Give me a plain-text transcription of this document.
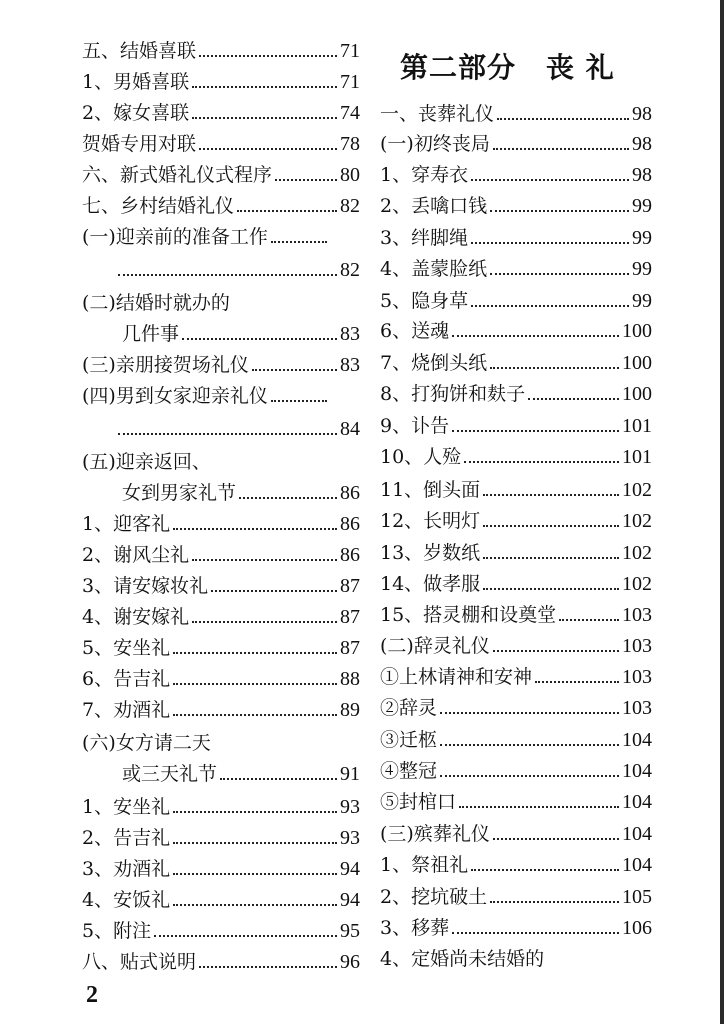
五、结婚喜联	71
1、男婚喜联	71
2、嫁女喜联	74
贺婚专用对联	78
六、新式婚礼仪式程序	80
七、乡村结婚礼仪	82
(一)迎亲前的准备工作
82
(二)结婚时就办的
几件事	83
(三)亲朋接贺场礼仪	83
(四)男到女家迎亲礼仪
84
(五)迎亲返回、
女到男家礼节	86
1、迎客礼	86
2、谢风尘礼	86
3、请安嫁妆礼	87
4、谢安嫁礼	87
5、安坐礼	87
6、告吉礼	88
7、劝酒礼	89
(六)女方请二天
或三天礼节	91
1、安坐礼	93
2、告吉礼	93
3、劝酒礼	94
4、安饭礼	94
5、附注	95
八、贴式说明	96
第二部分 丧 礼
一、丧葬礼仪	98
(一)初终丧局	98
1、穿寿衣	98
2、丢噙口钱	99
3、绊脚绳	99
4、盖蒙脸纸	99
5、隐身草	99
6、送魂	100
7、烧倒头纸	100
8、打狗饼和麸子	100
9、讣告	101
10、人殓	101
11、倒头面	102
12、长明灯	102
13、岁数纸	102
14、做孝服	102
15、搭灵棚和设奠堂	103
(二)辞灵礼仪	103
①上林请神和安神	103
②辞灵	103
③迁柩	104
④整冠	104
⑤封棺口	104
(三)殡葬礼仪	104
1、祭祖礼	104
2、挖坑破土	105
3、移葬	106
4、定婚尚未结婚的
2
